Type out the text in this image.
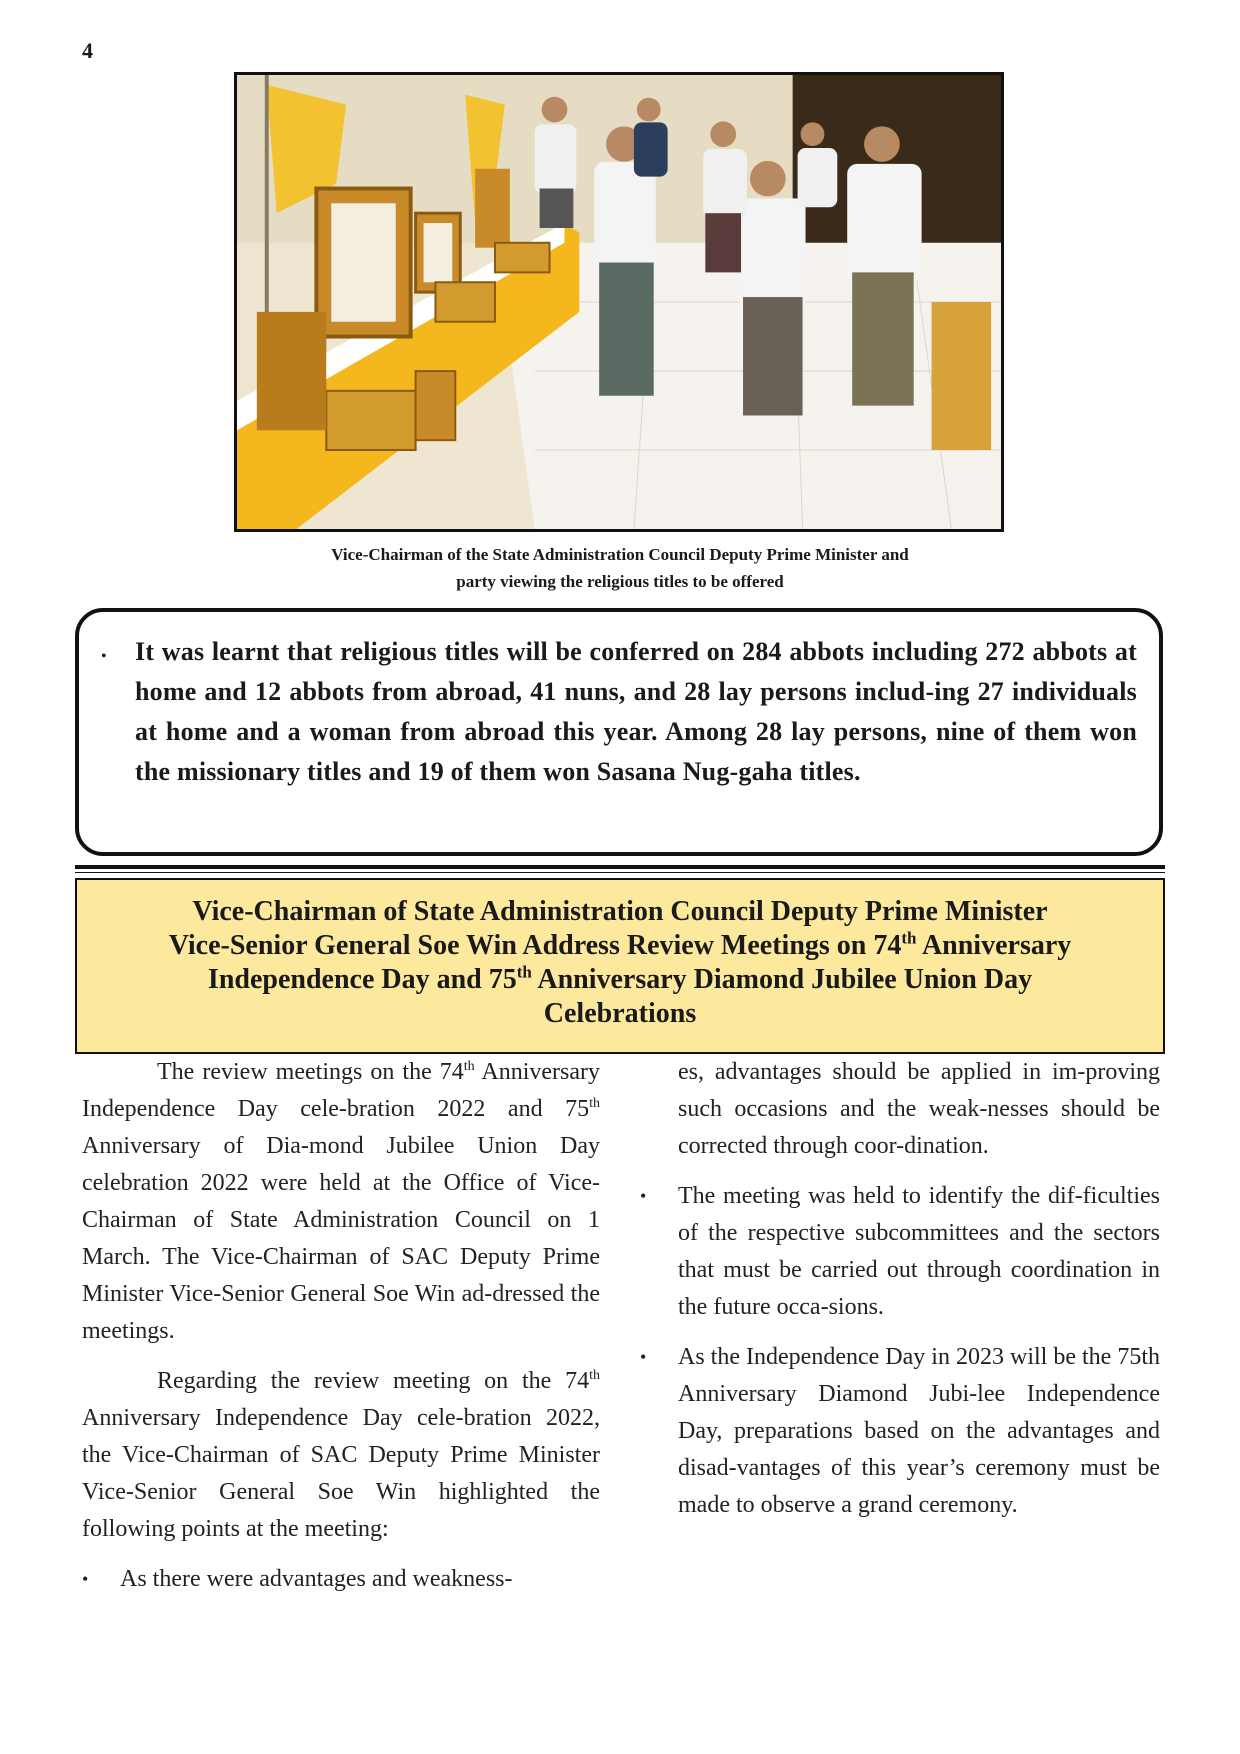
4
Vice-Chairman of the State Administration Council Deputy Prime Minister and
party viewing the religious titles to be offered
• It was learnt that religious titles will be conferred on 284 abbots including 272 abbots at home and 12 abbots from abroad, 41 nuns, and 28 lay persons includ-ing 27 individuals at home and a woman from abroad this year. Among 28 lay persons, nine of them won the missionary titles and 19 of them won Sasana Nug-gaha titles.
Vice-Chairman of State Administration Council Deputy Prime Minister
Vice-Senior General Soe Win Address Review Meetings on 74th Anniversary
Independence Day and 75th Anniversary Diamond Jubilee Union Day
Celebrations

The review meetings on the 74th Anniversary Independence Day cele-bration 2022 and 75th Anniversary of Dia-mond Jubilee Union Day celebration 2022 were held at the Office of Vice-Chairman of State Administration Council on 1 March. The Vice-Chairman of SAC Deputy Prime Minister Vice-Senior General Soe Win ad-dressed the meetings.

Regarding the review meeting on the 74th Anniversary Independence Day cele-bration 2022, the Vice-Chairman of SAC Deputy Prime Minister Vice-Senior General Soe Win highlighted the following points at the meeting:

• As there were advantages and weakness-
es, advantages should be applied in im-proving such occasions and the weak-nesses should be corrected through coor-dination.
• The meeting was held to identify the dif-ficulties of the respective subcommittees and the sectors that must be carried out through coordination in the future occa-sions.
• As the Independence Day in 2023 will be the 75th Anniversary Diamond Jubi-lee Independence Day, preparations based on the advantages and disad-vantages of this year’s ceremony must be made to observe a grand ceremony.
